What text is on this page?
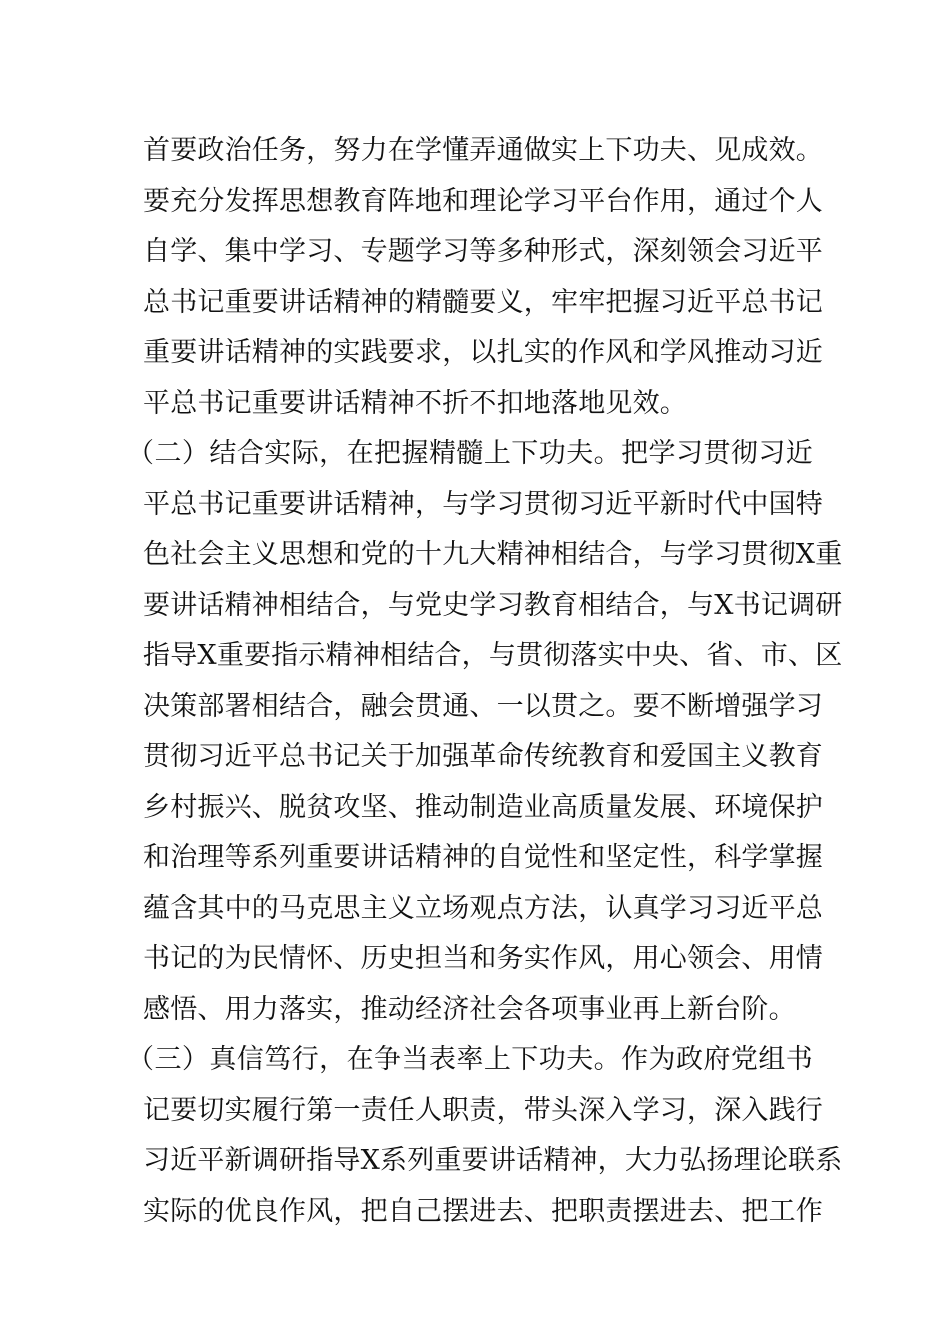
首要政治任务，努力在学懂弄通做实上下功夫、见成效。
要充分发挥思想教育阵地和理论学习平台作用，通过个人
自学、集中学习、专题学习等多种形式，深刻领会习近平
总书记重要讲话精神的精髓要义，牢牢把握习近平总书记
重要讲话精神的实践要求，以扎实的作风和学风推动习近
平总书记重要讲话精神不折不扣地落地见效。
（二）结合实际，在把握精髓上下功夫。把学习贯彻习近
平总书记重要讲话精神，与学习贯彻习近平新时代中国特
色社会主义思想和党的十九大精神相结合，与学习贯彻X重
要讲话精神相结合，与党史学习教育相结合，与X书记调研
指导X重要指示精神相结合，与贯彻落实中央、省、市、区
决策部署相结合，融会贯通、一以贯之。要不断增强学习
贯彻习近平总书记关于加强革命传统教育和爱国主义教育
乡村振兴、脱贫攻坚、推动制造业高质量发展、环境保护
和治理等系列重要讲话精神的自觉性和坚定性，科学掌握
蕴含其中的马克思主义立场观点方法，认真学习习近平总
书记的为民情怀、历史担当和务实作风，用心领会、用情
感悟、用力落实，推动经济社会各项事业再上新台阶。
（三）真信笃行，在争当表率上下功夫。作为政府党组书
记要切实履行第一责任人职责，带头深入学习，深入践行
习近平新调研指导X系列重要讲话精神，大力弘扬理论联系
实际的优良作风，把自己摆进去、把职责摆进去、把工作
